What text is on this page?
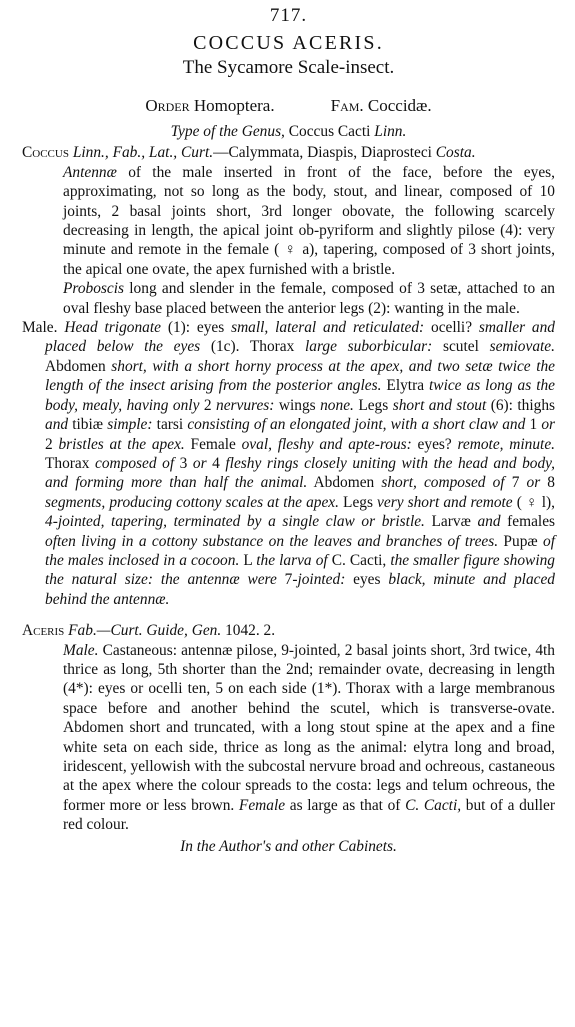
717.
COCCUS ACERIS.
The Sycamore Scale-insect.
Order Homoptera.	Fam. Coccidæ.
Type of the Genus, Coccus Cacti Linn.

Coccus Linn., Fab., Lat., Curt.—Calymmata, Diaspis, Diaprosteci Costa.

Antennæ of the male inserted in front of the face, before the eyes, approximating, not so long as the body, stout, and linear, composed of 10 joints, 2 basal joints short, 3rd longer obovate, the following scarcely decreasing in length, the apical joint ob-pyriform and slightly pilose (4): very minute and remote in the female ( ♀ a), tapering, composed of 3 short joints, the apical one ovate, the apex furnished with a bristle.

Proboscis long and slender in the female, composed of 3 setæ, attached to an oval fleshy base placed between the anterior legs (2): wanting in the male.

Male. Head trigonate (1): eyes small, lateral and reticulated: ocelli? smaller and placed below the eyes (1c). Thorax large suborbicular: scutel semiovate. Abdomen short, with a short horny process at the apex, and two setæ twice the length of the insect arising from the posterior angles. Elytra twice as long as the body, mealy, having only 2 nervures: wings none. Legs short and stout (6): thighs and tibiæ simple: tarsi consisting of an elongated joint, with a short claw and 1 or 2 bristles at the apex. Female oval, fleshy and apte-rous: eyes? remote, minute. Thorax composed of 3 or 4 fleshy rings closely uniting with the head and body, and forming more than half the animal. Abdomen short, composed of 7 or 8 segments, producing cottony scales at the apex. Legs very short and remote ( ♀ l), 4-jointed, tapering, terminated by a single claw or bristle. Larvæ and females often living in a cottony substance on the leaves and branches of trees. Pupæ of the males inclosed in a cocoon. L the larva of C. Cacti, the smaller figure showing the natural size: the antennæ were 7-jointed: eyes black, minute and placed behind the antennæ.

Aceris Fab.—Curt. Guide, Gen. 1042. 2.

Male. Castaneous: antennæ pilose, 9-jointed, 2 basal joints short, 3rd twice, 4th thrice as long, 5th shorter than the 2nd; remainder ovate, decreasing in length (4*): eyes or ocelli ten, 5 on each side (1*). Thorax with a large membranous space before and another behind the scutel, which is transverse-ovate. Abdomen short and truncated, with a long stout spine at the apex and a fine white seta on each side, thrice as long as the animal: elytra long and broad, iridescent, yellowish with the subcostal nervure broad and ochreous, castaneous at the apex where the colour spreads to the costa: legs and telum ochreous, the former more or less brown. Female as large as that of C. Cacti, but of a duller red colour.

In the Author's and other Cabinets.
